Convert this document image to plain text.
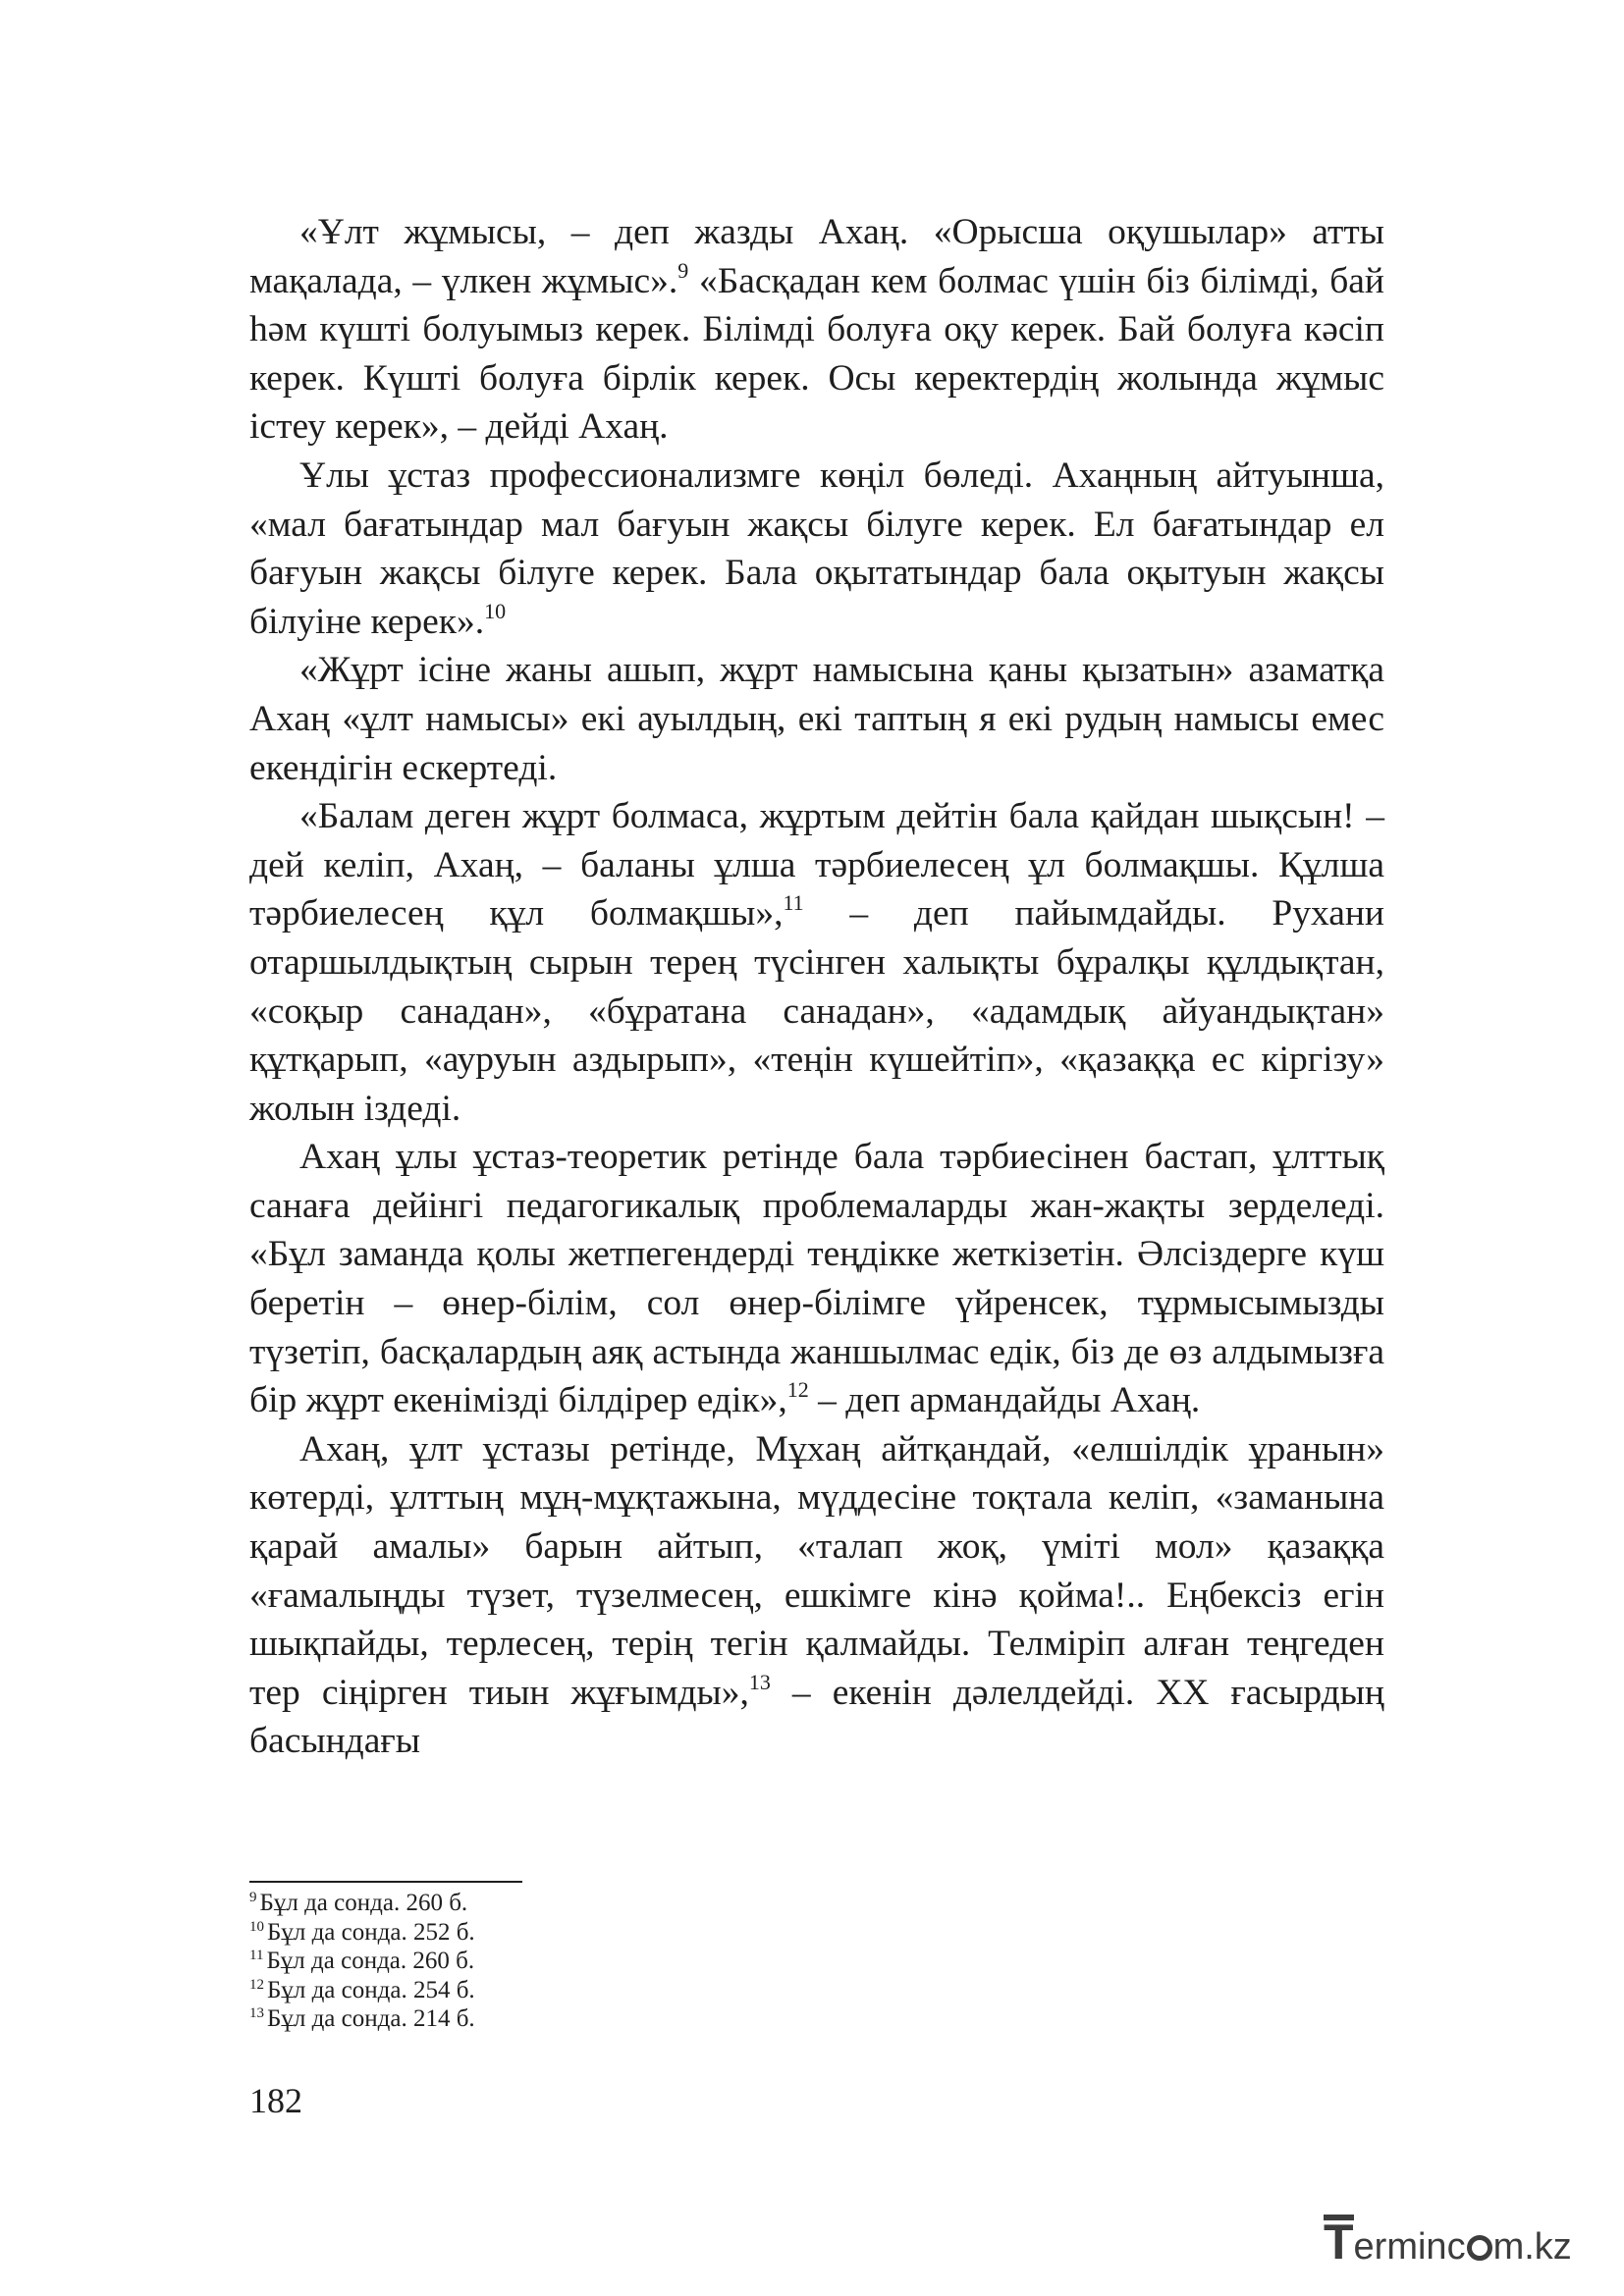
«Ұлт жұмысы, – деп жазды Ахаң. «Орысша оқушылар» атты мақалада, – үлкен жұмыс».$^9$ «Басқадан кем болмас үшін біз білімді, бай һәм күшті болуымыз керек. Білімді болуға оқу керек. Бай болуға кәсіп керек. Күшті болуға бірлік керек. Осы керектердің жолында жұмыс істеу керек», – дейді Ахаң.

Ұлы ұстаз профессионализмге көңіл бөледі. Ахаңның айтуынша, «мал бағатындар мал бағуын жақсы білуге керек. Ел бағатындар ел бағуын жақсы білуге керек. Бала оқытатындар бала оқытуын жақсы білуіне керек».$^{10}$

«Жұрт ісіне жаны ашып, жұрт намысына қаны қызатын» азаматқа Ахаң «ұлт намысы» екі ауылдың, екі таптың я екі рудың намысы емес екендігін ескертеді.

«Балам деген жұрт болмаса, жұртым дейтін бала қайдан шықсын! – дей келіп, Ахаң, – баланы ұлша тәрбиелесең ұл болмақшы. Құлша тәрбиелесең құл болмақшы»,$^{11}$ – деп пайымдайды. Рухани отаршылдықтың сырын терең түсінген халықты бұралқы құлдықтан, «соқыр санадан», «бұратана санадан», «адамдық айуандықтан» құтқарып, «ауруын аздырып», «теңін күшейтіп», «қазаққа ес кіргізу» жолын іздеді.

Ахаң ұлы ұстаз-теоретик ретінде бала тәрбиесінен бастап, ұлттық санаға дейінгі педагогикалық проблемаларды жан-жақты зерделеді. «Бұл заманда қолы жетпегендерді теңдікке жеткізетін. Әлсіздерге күш беретін – өнер-білім, сол өнер-білімге үйренсек, тұрмысымызды түзетіп, басқалардың аяқ астында жаншылмас едік, біз де өз алдымызға бір жұрт екенімізді білдірер едік»,$^{12}$ – деп армандайды Ахаң.

Ахаң, ұлт ұстазы ретінде, Мұхаң айтқандай, «елшілдік ұранын» көтерді, ұлттың мұң-мұқтажына, мүддесіне тоқтала келіп, «заманына қарай амалы» барын айтып, «талап жоқ, үміті мол» қазаққа «ғамалыңды түзет, түзелмесең, ешкімге кінә қойма!.. Еңбексіз егін шықпайды, терлесең, терің тегін қалмайды. Телміріп алған теңгеден тер сіңірген тиын жұғымды»,$^{13}$ – екенін дәлелдейді. ХХ ғасырдың басындағы

$^9$ Бұл да сонда. 260 б.
$^{10}$ Бұл да сонда. 252 б.
$^{11}$ Бұл да сонда. 260 б.
$^{12}$ Бұл да сонда. 254 б.
$^{13}$ Бұл да сонда. 214 б.
182
Terminc m.kz
